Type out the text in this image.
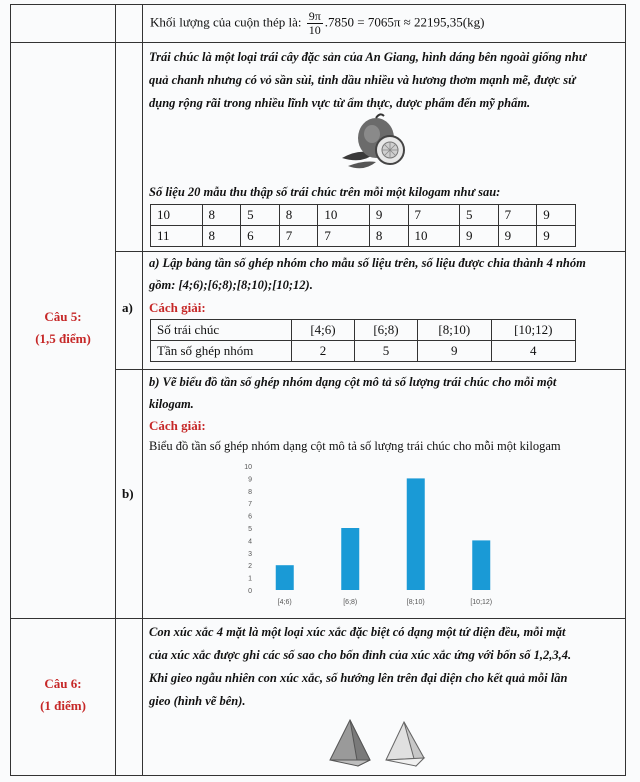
Khối lượng của cuộn thép là: $\frac{9\pi}{10} .7850 = 7065\pi \approx 22195,35(kg)$
Câu 5:
(1,5 điểm)
Trái chúc là một loại trái cây đặc sản của An Giang, hình dáng bên ngoài giống như
quả chanh nhưng có vỏ sần sùi, tinh dầu nhiều và hương thơm mạnh mẽ, được sử
dụng rộng rãi trong nhiều lĩnh vực từ ẩm thực, dược phẩm đến mỹ phẩm.
Số liệu 20 mẫu thu thập số trái chúc trên mỗi một kilogam như sau:
10	8	5	8	10	9	7	5	7	9
11	8	6	7	7	8	10	9	9	9
a)
a) Lập bảng tần số ghép nhóm cho mẫu số liệu trên, số liệu được chia thành 4 nhóm
gồm: [4;6);[6;8);[8;10);[10;12).
Cách giải:
Số trái chúc	[4;6)	[6;8)	[8;10)	[10;12)
Tần số ghép nhóm	2	5	9	4
b)
b) Vẽ biểu đồ tần số ghép nhóm dạng cột mô tả số lượng trái chúc cho mỗi một
kilogam.
Cách giải:
Biểu đồ tần số ghép nhóm dạng cột mô tả số lượng trái chúc cho mỗi một kilogam
0
1
2
3
4
5
6
7
8
9
10
[4;6)	[6;8)	[8;10)	[10;12)
Câu 6:
(1 điểm)
Con xúc xắc 4 mặt là một loại xúc xắc đặc biệt có dạng một tứ diện đều, mỗi mặt
của xúc xắc được ghi các số sao cho bốn đỉnh của xúc xắc ứng với bốn số 1,2,3,4.
Khi gieo ngẫu nhiên con xúc xắc, số hướng lên trên đại diện cho kết quả mỗi lần
gieo (hình vẽ bên).
